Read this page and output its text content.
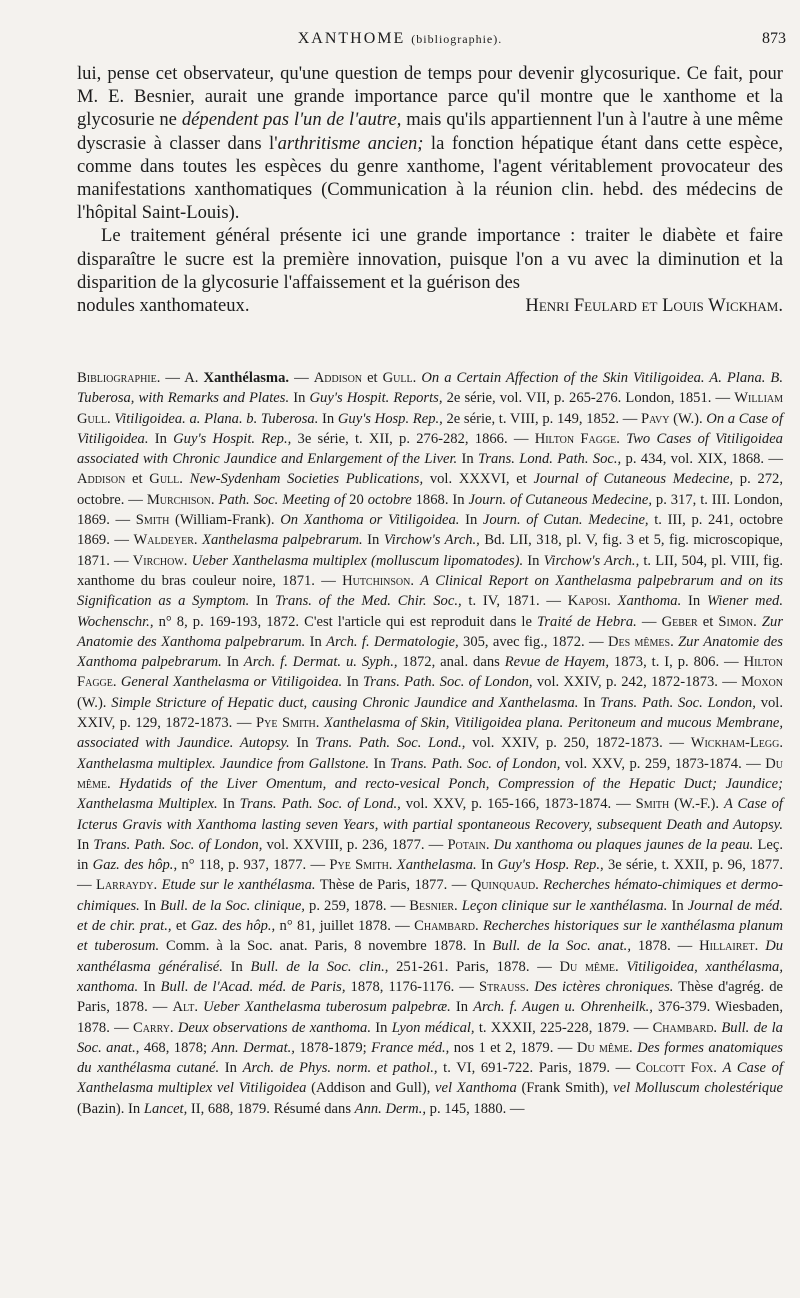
XANTHOME (bibliographie).	873

lui, pense cet observateur, qu'une question de temps pour devenir glycosurique. Ce fait, pour M. E. Besnier, aurait une grande importance parce qu'il montre que le xanthome et la glycosurie ne dépendent pas l'un de l'autre, mais qu'ils appartiennent l'un à l'autre à une même dyscrasie à classer dans l'arthritisme ancien; la fonction hépatique étant dans cette espèce, comme dans toutes les espèces du genre xanthome, l'agent véritablement provocateur des manifestations xanthomatiques (Communication à la réunion clin. hebd. des médecins de l'hôpital Saint-Louis).

Le traitement général présente ici une grande importance : traiter le diabète et faire disparaître le sucre est la première innovation, puisque l'on a vu avec la diminution et la disparition de la glycosurie l'affaissement et la guérison des

nodules xanthomateux.	Henri Feulard et Louis Wickham.

Bibliographie. — A. Xanthélasma. — Addison et Gull. On a Certain Affection of the Skin Vitiligoidea. A. Plana. B. Tuberosa, with Remarks and Plates. In Guy's Hospit. Reports, 2e série, vol. VII, p. 265-276. London, 1851. — William Gull. Vitiligoidea. a. Plana. b. Tuberosa. In Guy's Hosp. Rep., 2e série, t. VIII, p. 149, 1852. — Pavy (W.). On a Case of Vitiligoidea. In Guy's Hospit. Rep., 3e série, t. XII, p. 276-282, 1866. — Hilton Fagge. Two Cases of Vitiligoidea associated with Chronic Jaundice and Enlargement of the Liver. In Trans. Lond. Path. Soc., p. 434, vol. XIX, 1868. — Addison et Gull. New-Sydenham Societies Publications, vol. XXXVI, et Journal of Cutaneous Medecine, p. 272, octobre. — Murchison. Path. Soc. Meeting of 20 octobre 1868. In Journ. of Cutaneous Medecine, p. 317, t. III. London, 1869. — Smith (William-Frank). On Xanthoma or Vitiligoidea. In Journ. of Cutan. Medecine, t. III, p. 241, octobre 1869. — Waldeyer. Xanthelasma palpebrarum. In Virchow's Arch., Bd. LII, 318, pl. V, fig. 3 et 5, fig. microscopique, 1871. — Virchow. Ueber Xanthelasma multiplex (molluscum lipomatodes). In Virchow's Arch., t. LII, 504, pl. VIII, fig. xanthome du bras couleur noire, 1871. — Hutchinson. A Clinical Report on Xanthelasma palpebrarum and on its Signification as a Symptom. In Trans. of the Med. Chir. Soc., t. IV, 1871. — Kaposi. Xanthoma. In Wiener med. Wochenschr., n° 8, p. 169-193, 1872. C'est l'article qui est reproduit dans le Traité de Hebra. — Geber et Simon. Zur Anatomie des Xanthoma palpebrarum. In Arch. f. Dermatologie, 305, avec fig., 1872. — Des mêmes. Zur Anatomie des Xanthoma palpebrarum. In Arch. f. Dermat. u. Syph., 1872, anal. dans Revue de Hayem, 1873, t. I, p. 806. — Hilton Fagge. General Xanthelasma or Vitiligoidea. In Trans. Path. Soc. of London, vol. XXIV, p. 242, 1872-1873. — Moxon (W.). Simple Stricture of Hepatic duct, causing Chronic Jaundice and Xanthelasma. In Trans. Path. Soc. London, vol. XXIV, p. 129, 1872-1873. — Pye Smith. Xanthelasma of Skin, Vitiligoidea plana. Peritoneum and mucous Membrane, associated with Jaundice. Autopsy. In Trans. Path. Soc. Lond., vol. XXIV, p. 250, 1872-1873. — Wickham-Legg. Xanthelasma multiplex. Jaundice from Gallstone. In Trans. Path. Soc. of London, vol. XXV, p. 259, 1873-1874. — Du même. Hydatids of the Liver Omentum, and recto-vesical Ponch, Compression of the Hepatic Duct; Jaundice; Xanthelasma Multiplex. In Trans. Path. Soc. of Lond., vol. XXV, p. 165-166, 1873-1874. — Smith (W.-F.). A Case of Icterus Gravis with Xanthoma lasting seven Years, with partial spontaneous Recovery, subsequent Death and Autopsy. In Trans. Path. Soc. of London, vol. XXVIII, p. 236, 1877. — Potain. Du xanthoma ou plaques jaunes de la peau. Leç. in Gaz. des hôp., n° 118, p. 937, 1877. — Pye Smith. Xanthelasma. In Guy's Hosp. Rep., 3e série, t. XXII, p. 96, 1877. — Larraydy. Etude sur le xanthélasma. Thèse de Paris, 1877. — Quinquaud. Recherches hémato-chimiques et dermo-chimiques. In Bull. de la Soc. clinique, p. 259, 1878. — Besnier. Leçon clinique sur le xanthélasma. In Journal de méd. et de chir. prat., et Gaz. des hôp., n° 81, juillet 1878. — Chambard. Recherches historiques sur le xanthélasma planum et tuberosum. Comm. à la Soc. anat. Paris, 8 novembre 1878. In Bull. de la Soc. anat., 1878. — Hillairet. Du xanthélasma généralisé. In Bull. de la Soc. clin., 251-261. Paris, 1878. — Du même. Vitiligoidea, xanthélasma, xanthoma. In Bull. de l'Acad. méd. de Paris, 1878, 1176-1176. — Strauss. Des ictères chroniques. Thèse d'agrég. de Paris, 1878. — Alt. Ueber Xanthelasma tuberosum palpebræ. In Arch. f. Augen u. Ohrenheilk., 376-379. Wiesbaden, 1878. — Carry. Deux observations de xanthoma. In Lyon médical, t. XXXII, 225-228, 1879. — Chambard. Bull. de la Soc. anat., 468, 1878; Ann. Dermat., 1878-1879; France méd., nos 1 et 2, 1879. — Du même. Des formes anatomiques du xanthélasma cutané. In Arch. de Phys. norm. et pathol., t. VI, 691-722. Paris, 1879. — Colcott Fox. A Case of Xanthelasma multiplex vel Vitiligoidea (Addison and Gull), vel Xanthoma (Frank Smith), vel Molluscum cholestérique (Bazin). In Lancet, II, 688, 1879. Résumé dans Ann. Derm., p. 145, 1880. —
